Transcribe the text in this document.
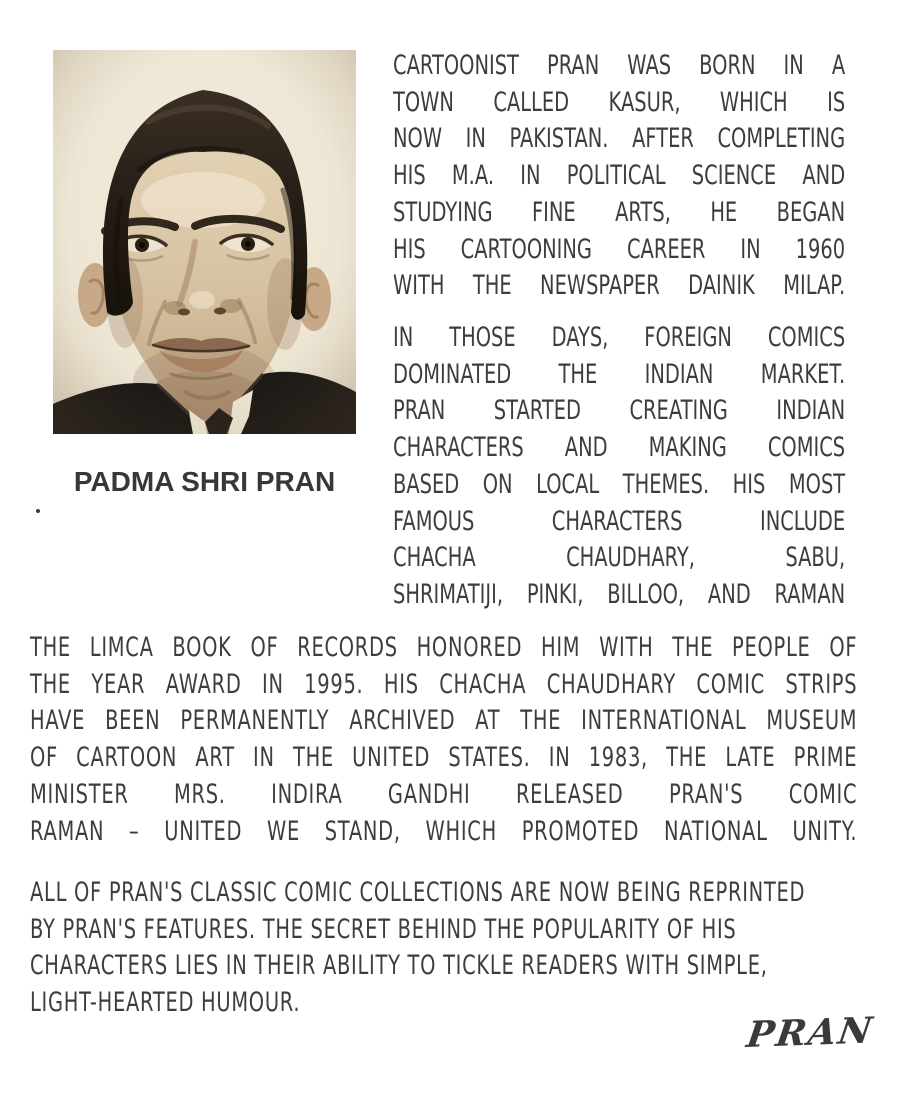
PADMA SHRI PRAN
CARTOONIST PRAN WAS BORN IN A
TOWN CALLED KASUR, WHICH IS
NOW IN PAKISTAN. AFTER COMPLETING
HIS M.A. IN POLITICAL SCIENCE AND
STUDYING FINE ARTS, HE BEGAN
HIS CARTOONING CAREER IN 1960
WITH THE NEWSPAPER DAINIK MILAP.
IN THOSE DAYS, FOREIGN COMICS
DOMINATED THE INDIAN MARKET.
PRAN STARTED CREATING INDIAN
CHARACTERS AND MAKING COMICS
BASED ON LOCAL THEMES. HIS MOST
FAMOUS CHARACTERS INCLUDE
CHACHA CHAUDHARY, SABU,
SHRIMATIJI, PINKI, BILLOO, AND RAMAN
THE LIMCA BOOK OF RECORDS HONORED HIM WITH THE PEOPLE OF
THE YEAR AWARD IN 1995. HIS CHACHA CHAUDHARY COMIC STRIPS
HAVE BEEN PERMANENTLY ARCHIVED AT THE INTERNATIONAL MUSEUM
OF CARTOON ART IN THE UNITED STATES. IN 1983, THE LATE PRIME
MINISTER MRS. INDIRA GANDHI RELEASED PRAN'S COMIC
RAMAN – UNITED WE STAND, WHICH PROMOTED NATIONAL UNITY.
ALL OF PRAN'S CLASSIC COMIC COLLECTIONS ARE NOW BEING REPRINTED
BY PRAN'S FEATURES. THE SECRET BEHIND THE POPULARITY OF HIS
CHARACTERS LIES IN THEIR ABILITY TO TICKLE READERS WITH SIMPLE,
LIGHT-HEARTED HUMOUR.
PRAN
